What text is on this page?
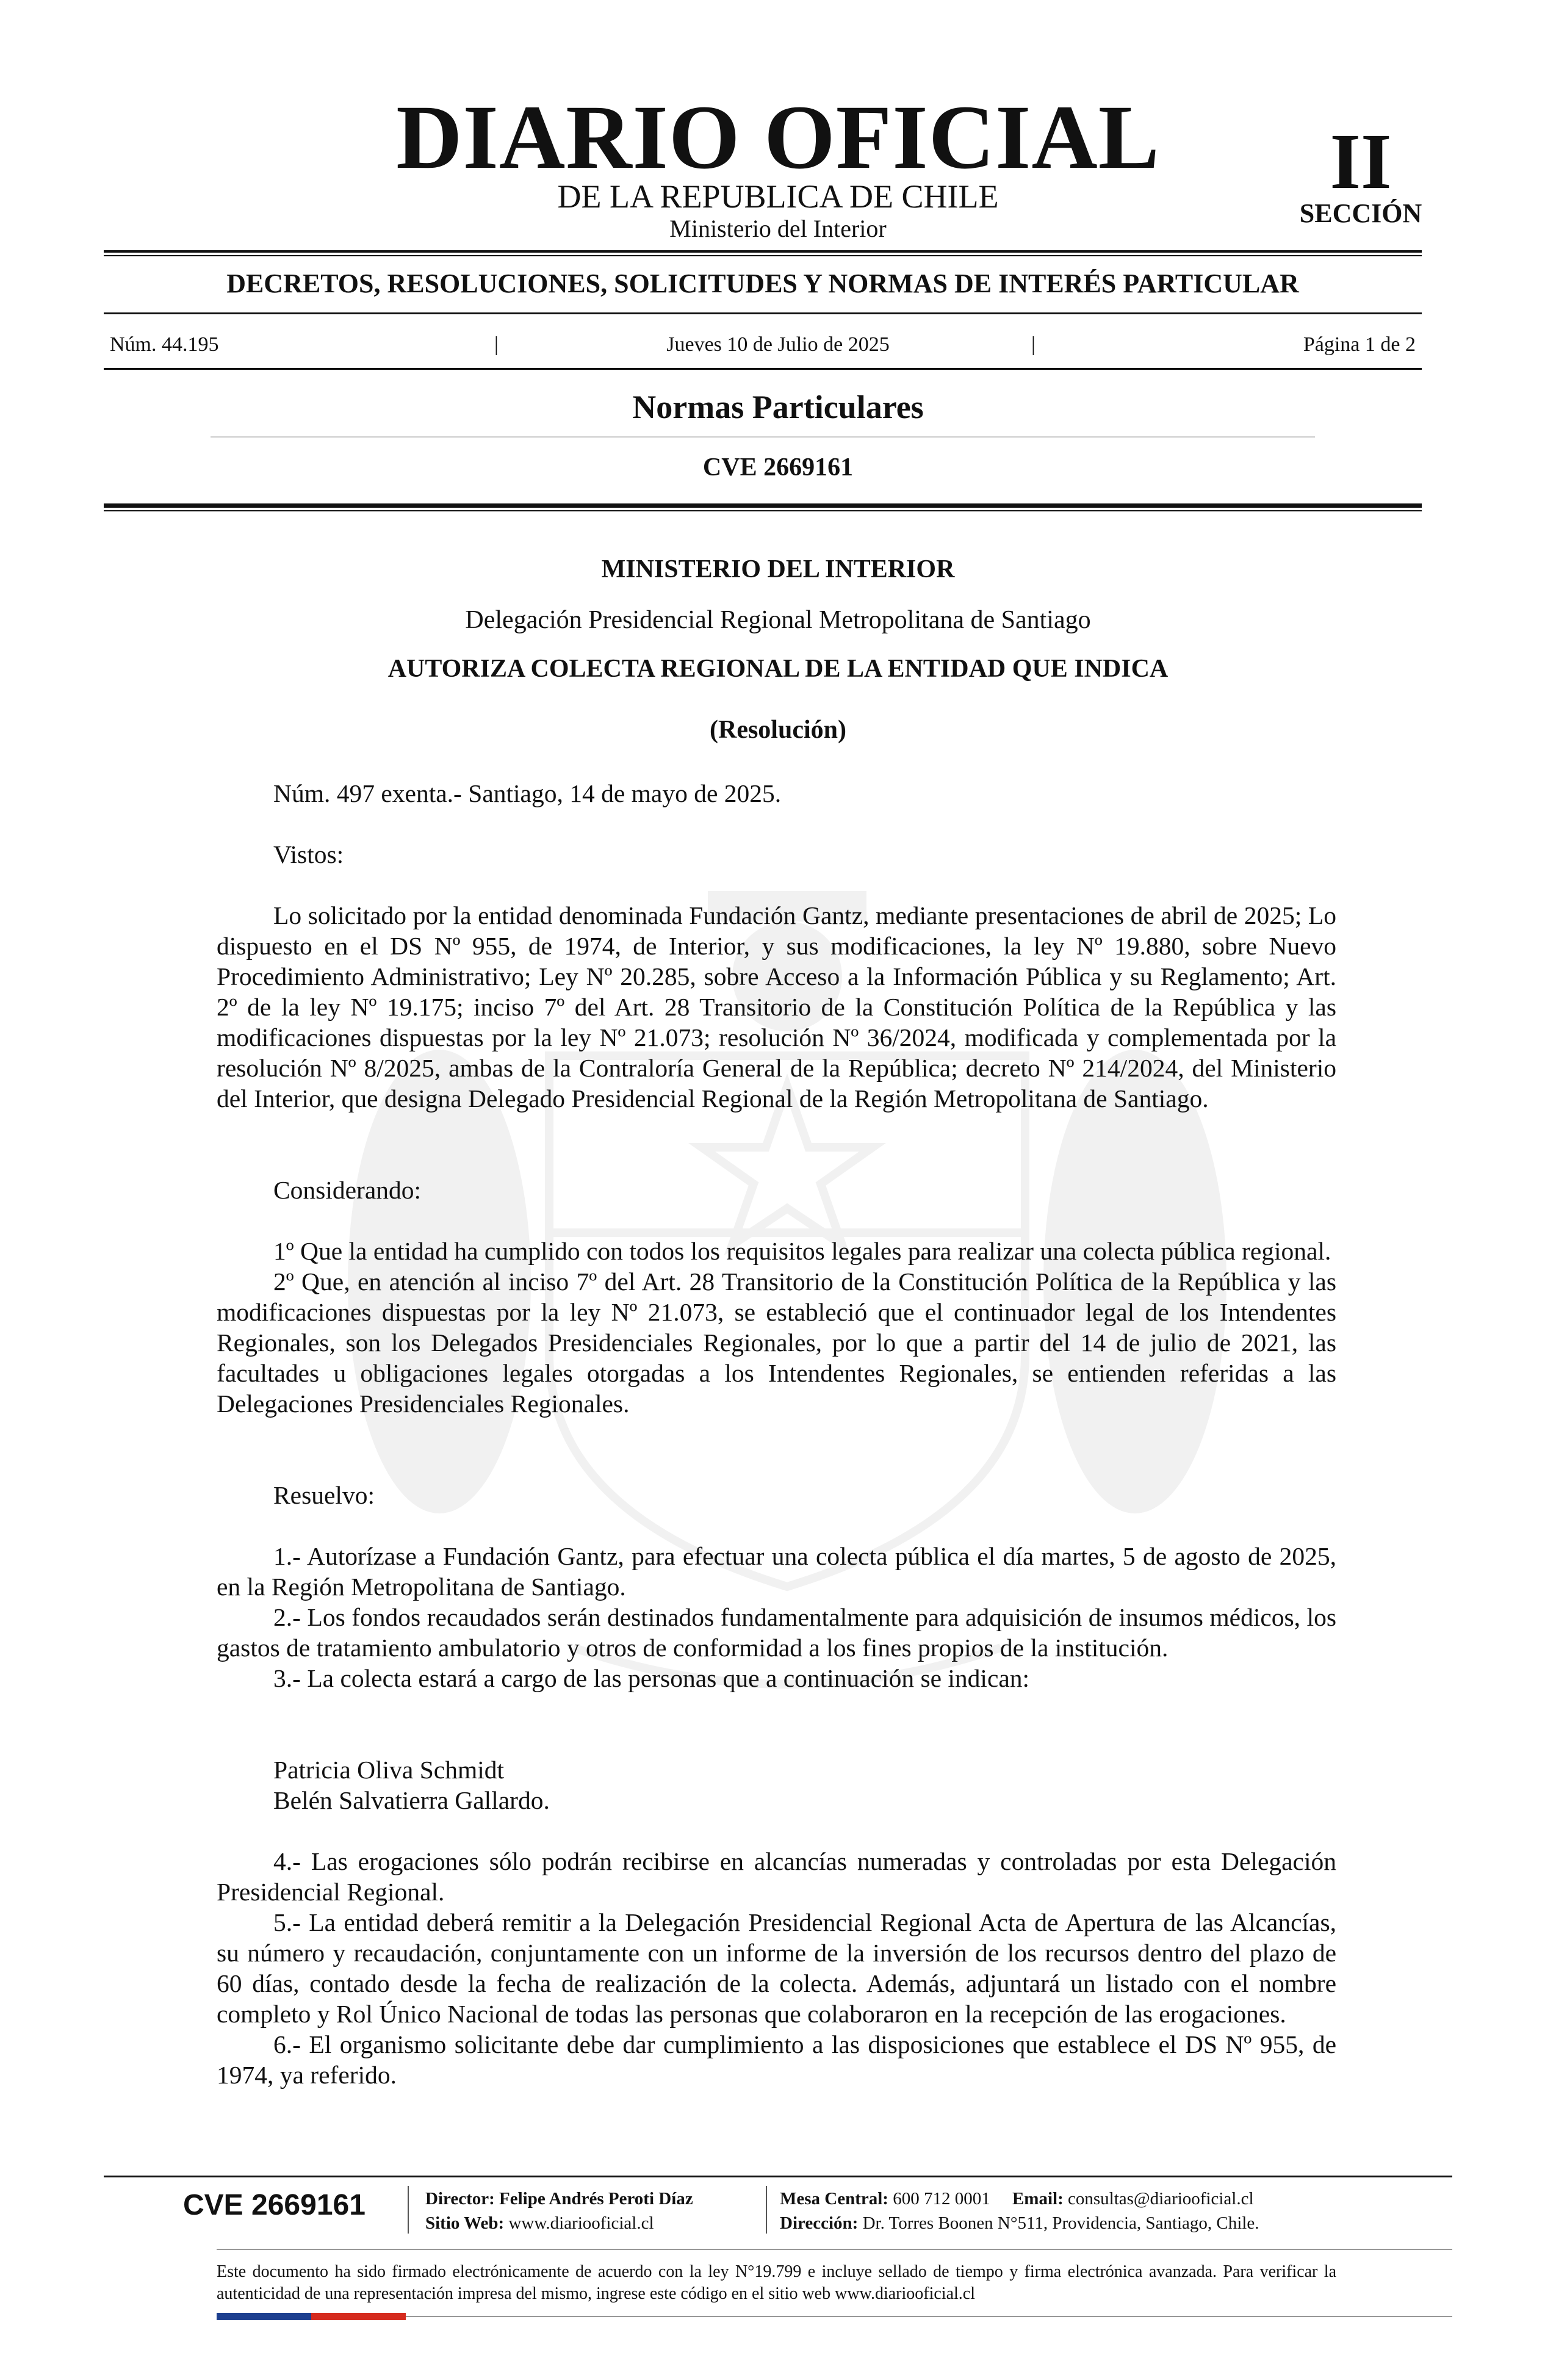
DIARIO OFICIAL
DE LA REPUBLICA DE CHILE
Ministerio del Interior
II
SECCIÓN
DECRETOS, RESOLUCIONES, SOLICITUDES Y NORMAS DE INTERÉS PARTICULAR
Núm. 44.195	|	Jueves 10 de Julio de 2025	|	Página 1 de 2
Normas Particulares
CVE 2669161
MINISTERIO DEL INTERIOR
Delegación Presidencial Regional Metropolitana de Santiago
AUTORIZA COLECTA REGIONAL DE LA ENTIDAD QUE INDICA
(Resolución)

Núm. 497 exenta.- Santiago, 14 de mayo de 2025.

Vistos:

Lo solicitado por la entidad denominada Fundación Gantz, mediante presentaciones de abril de 2025; Lo dispuesto en el DS Nº 955, de 1974, de Interior, y sus modificaciones, la ley Nº 19.880, sobre Nuevo Procedimiento Administrativo; Ley Nº 20.285, sobre Acceso a la Información Pública y su Reglamento; Art. 2º de la ley Nº 19.175; inciso 7º del Art. 28 Transitorio de la Constitución Política de la República y las modificaciones dispuestas por la ley Nº 21.073; resolución Nº 36/2024, modificada y complementada por la resolución Nº 8/2025, ambas de la Contraloría General de la República; decreto Nº 214/2024, del Ministerio del Interior, que designa Delegado Presidencial Regional de la Región Metropolitana de Santiago.

Considerando:

1º Que la entidad ha cumplido con todos los requisitos legales para realizar una colecta pública regional.

2º Que, en atención al inciso 7º del Art. 28 Transitorio de la Constitución Política de la República y las modificaciones dispuestas por la ley Nº 21.073, se estableció que el continuador legal de los Intendentes Regionales, son los Delegados Presidenciales Regionales, por lo que a partir del 14 de julio de 2021, las facultades u obligaciones legales otorgadas a los Intendentes Regionales, se entienden referidas a las Delegaciones Presidenciales Regionales.

Resuelvo:

1.- Autorízase a Fundación Gantz, para efectuar una colecta pública el día martes, 5 de agosto de 2025, en la Región Metropolitana de Santiago.

2.- Los fondos recaudados serán destinados fundamentalmente para adquisición de insumos médicos, los gastos de tratamiento ambulatorio y otros de conformidad a los fines propios de la institución.

3.- La colecta estará a cargo de las personas que a continuación se indican:

Patricia Oliva Schmidt

Belén Salvatierra Gallardo.

4.- Las erogaciones sólo podrán recibirse en alcancías numeradas y controladas por esta Delegación Presidencial Regional.

5.- La entidad deberá remitir a la Delegación Presidencial Regional Acta de Apertura de las Alcancías, su número y recaudación, conjuntamente con un informe de la inversión de los recursos dentro del plazo de 60 días, contado desde la fecha de realización de la colecta. Además, adjuntará un listado con el nombre completo y Rol Único Nacional de todas las personas que colaboraron en la recepción de las erogaciones.

6.- El organismo solicitante debe dar cumplimiento a las disposiciones que establece el DS Nº 955, de 1974, ya referido.

CVE 2669161	Director: Felipe Andrés Peroti Díaz
Sitio Web: www.diariooficial.cl
Mesa Central: 600 712 0001 Email: consultas@diariooficial.cl
Dirección: Dr. Torres Boonen N°511, Providencia, Santiago, Chile.
Este documento ha sido firmado electrónicamente de acuerdo con la ley N°19.799 e incluye sellado de tiempo y firma electrónica avanzada. Para verificar la autenticidad de una representación impresa del mismo, ingrese este código en el sitio web www.diariooficial.cl
